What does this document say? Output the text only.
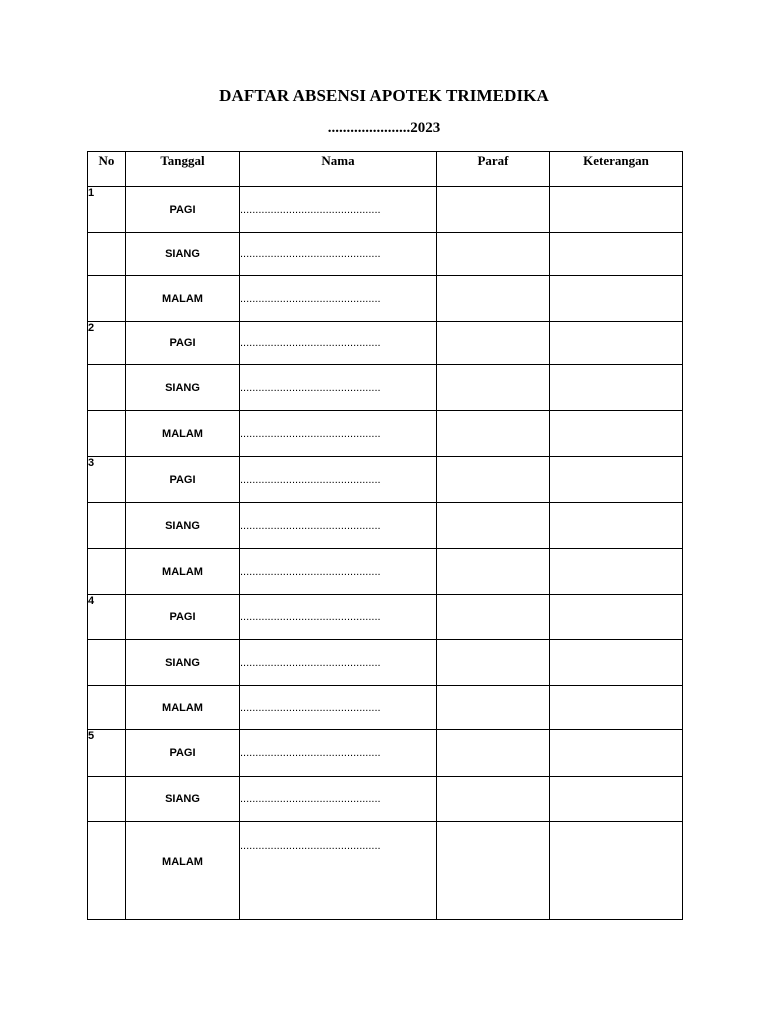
DAFTAR ABSENSI APOTEK TRIMEDIKA
......................2023
No	Tanggal	Nama	Paraf	Keterangan
1	PAGI	..............................................		
	SIANG	..............................................		
	MALAM	..............................................		
2	PAGI	..............................................		
	SIANG	..............................................		
	MALAM	..............................................		
3	PAGI	..............................................		
	SIANG	..............................................		
	MALAM	..............................................		
4	PAGI	..............................................		
	SIANG	..............................................		
	MALAM	..............................................		
5	PAGI	..............................................		
	SIANG	..............................................		
	MALAM	..............................................		
